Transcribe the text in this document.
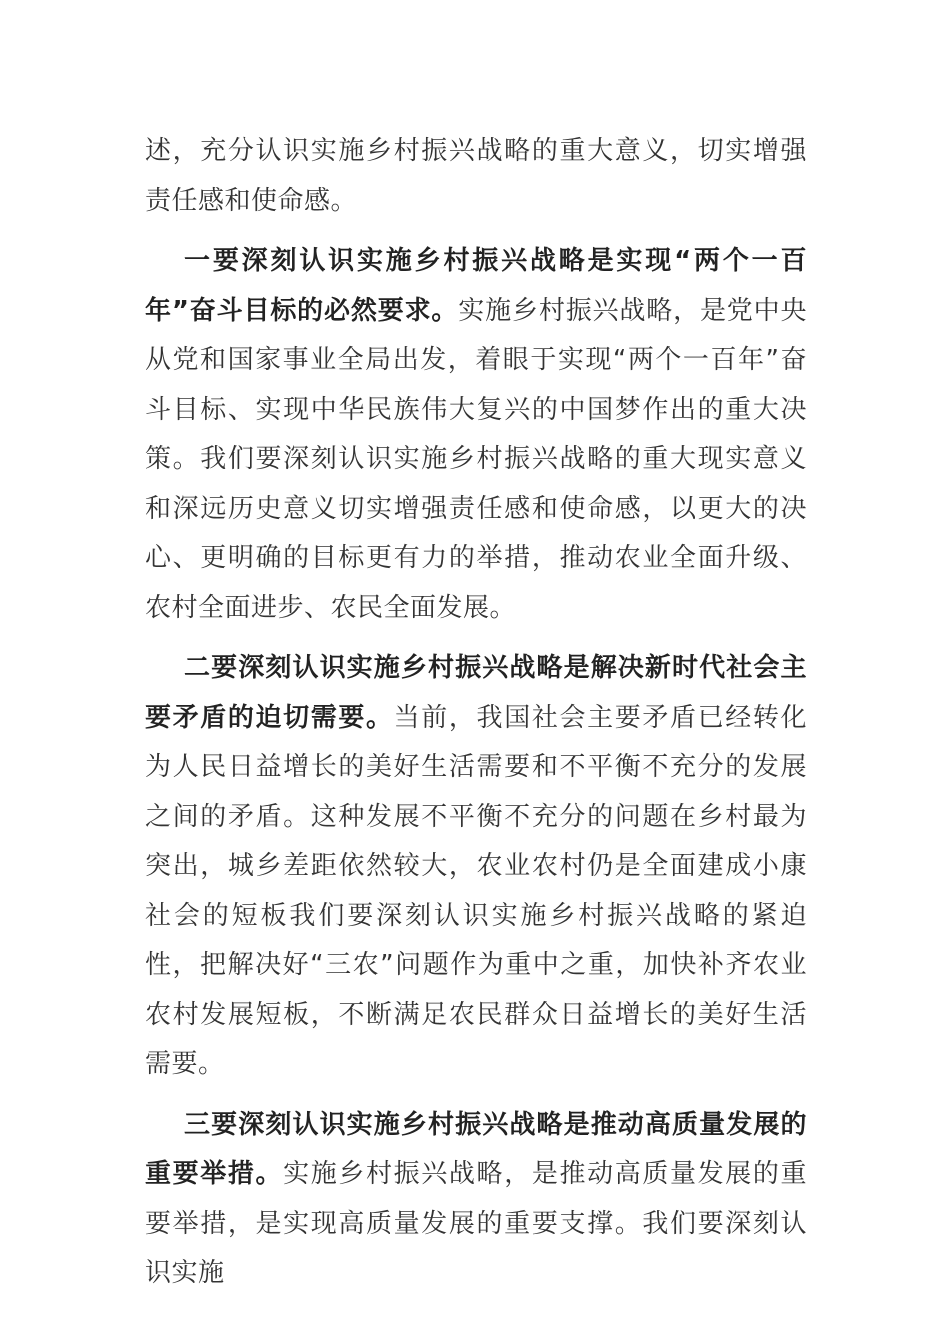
述，充分认识实施乡村振兴战略的重大意义，切实增强责任感和使命感。

一要深刻认识实施乡村振兴战略是实现“两个一百年”奋斗目标的必然要求。实施乡村振兴战略，是党中央从党和国家事业全局出发，着眼于实现“两个一百年”奋斗目标、实现中华民族伟大复兴的中国梦作出的重大决策。我们要深刻认识实施乡村振兴战略的重大现实意义和深远历史意义切实增强责任感和使命感，以更大的决心、更明确的目标更有力的举措，推动农业全面升级、农村全面进步、农民全面发展。

二要深刻认识实施乡村振兴战略是解决新时代社会主要矛盾的迫切需要。当前，我国社会主要矛盾已经转化为人民日益增长的美好生活需要和不平衡不充分的发展之间的矛盾。这种发展不平衡不充分的问题在乡村最为突出，城乡差距依然较大，农业农村仍是全面建成小康社会的短板我们要深刻认识实施乡村振兴战略的紧迫性，把解决好“三农”问题作为重中之重，加快补齐农业农村发展短板，不断满足农民群众日益增长的美好生活需要。

三要深刻认识实施乡村振兴战略是推动高质量发展的重要举措。实施乡村振兴战略，是推动高质量发展的重要举措，是实现高质量发展的重要支撑。我们要深刻认识实施
